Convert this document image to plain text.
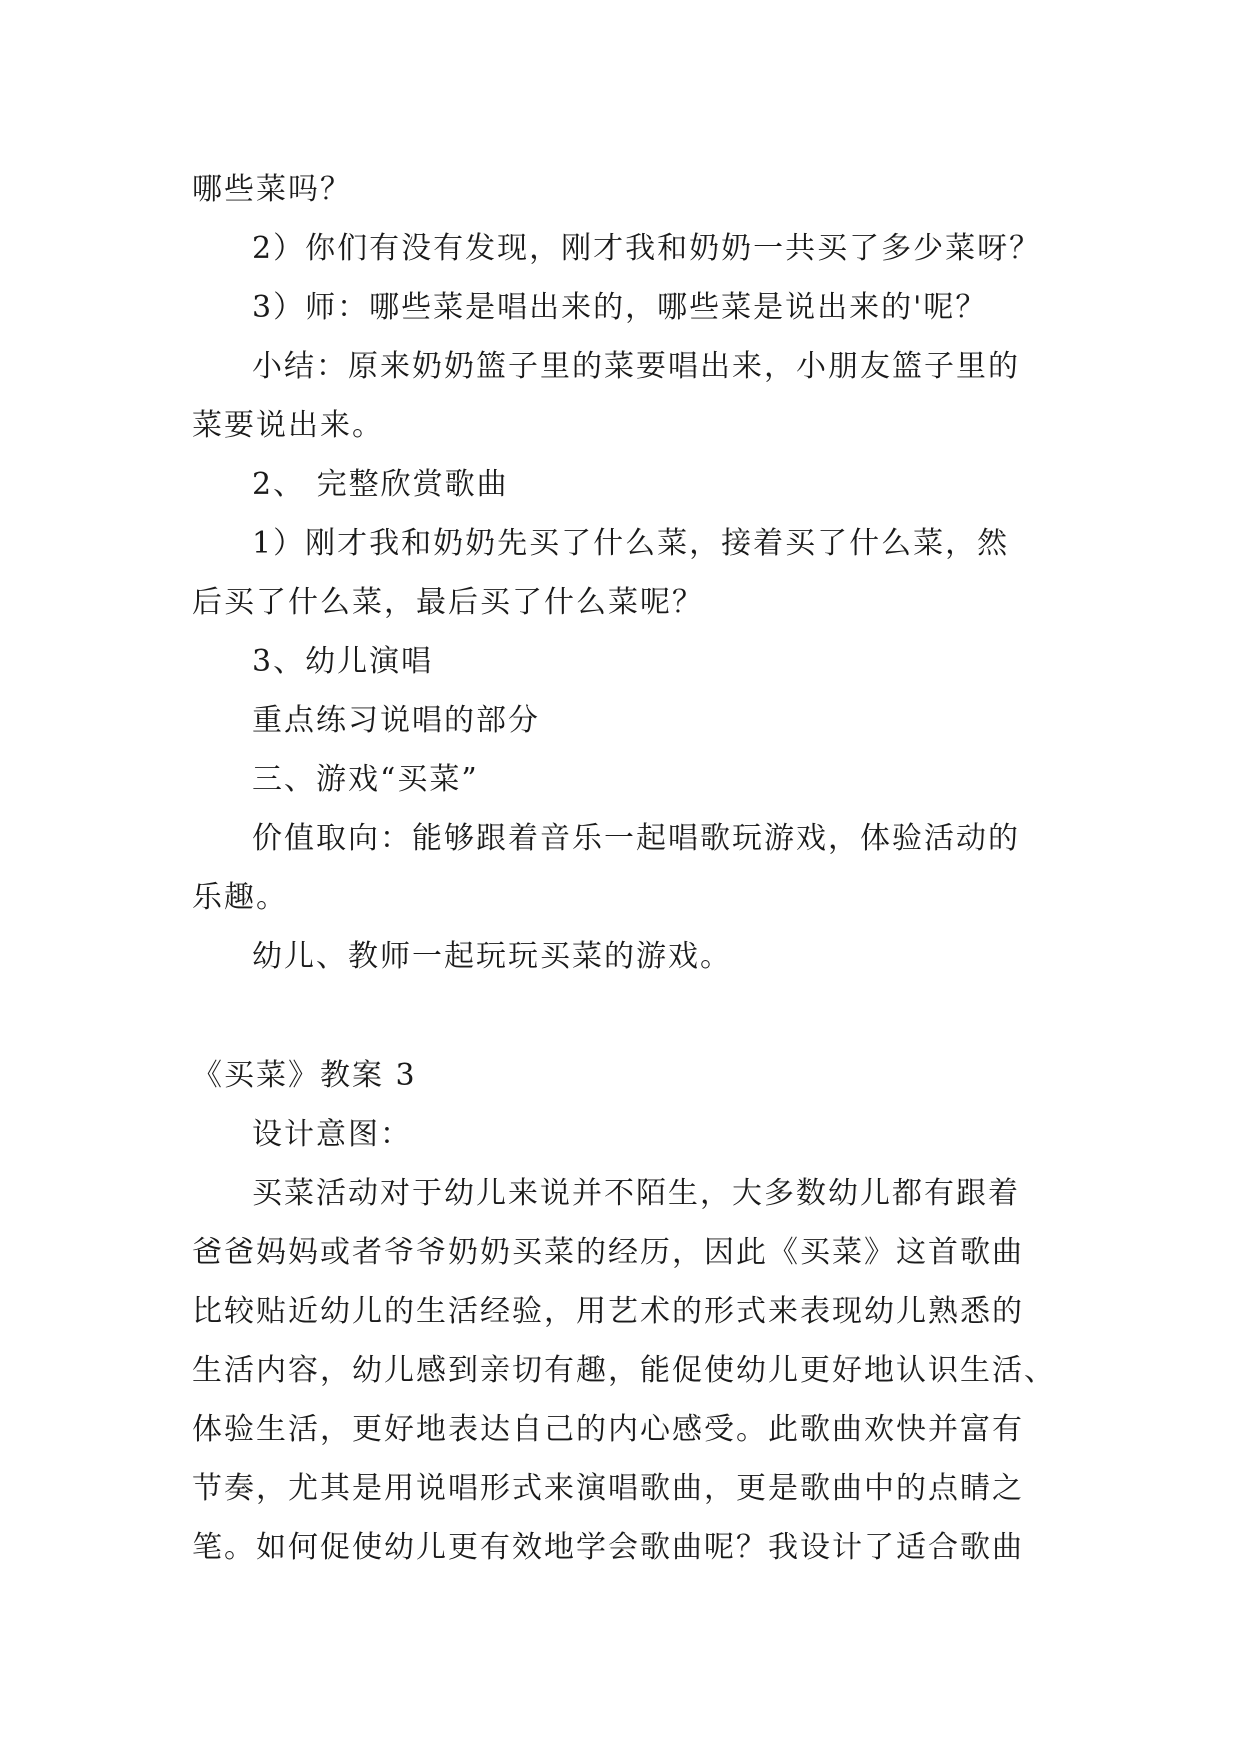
哪些菜吗？
2）你们有没有发现，刚才我和奶奶一共买了多少菜呀？
3）师：哪些菜是唱出来的，哪些菜是说出来的'呢？
小结：原来奶奶篮子里的菜要唱出来，小朋友篮子里的
菜要说出来。
2、 完整欣赏歌曲
1）刚才我和奶奶先买了什么菜，接着买了什么菜，然
后买了什么菜，最后买了什么菜呢？
3、幼儿演唱
重点练习说唱的部分
三、游戏“买菜”
价值取向：能够跟着音乐一起唱歌玩游戏，体验活动的
乐趣。
幼儿、教师一起玩玩买菜的游戏。
《买菜》教案 3
设计意图：
买菜活动对于幼儿来说并不陌生，大多数幼儿都有跟着
爸爸妈妈或者爷爷奶奶买菜的经历，因此《买菜》这首歌曲
比较贴近幼儿的生活经验，用艺术的形式来表现幼儿熟悉的
生活内容，幼儿感到亲切有趣，能促使幼儿更好地认识生活、
体验生活，更好地表达自己的内心感受。此歌曲欢快并富有
节奏，尤其是用说唱形式来演唱歌曲，更是歌曲中的点睛之
笔。如何促使幼儿更有效地学会歌曲呢？我设计了适合歌曲
